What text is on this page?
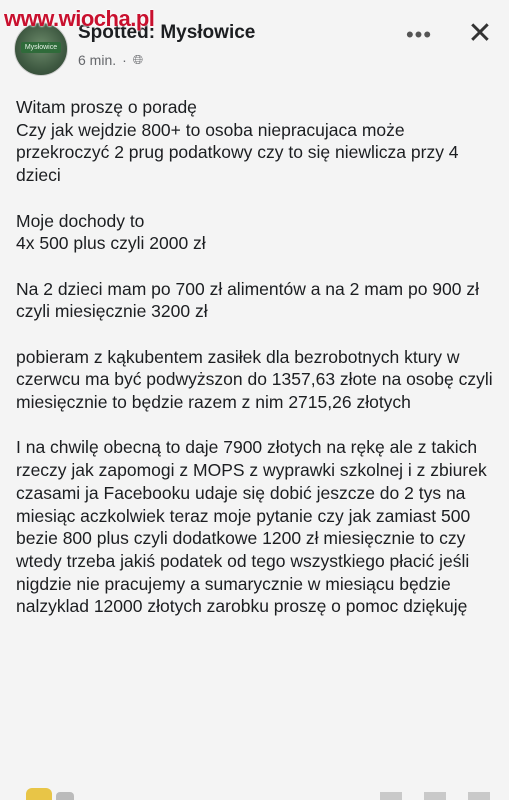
Mysłowice
Spotted: Mysłowice
6 min. · 🌐︎
••• ✕
www.wiocha.pl

Witam proszę o poradę
Czy jak wejdzie 800+ to osoba niepracujaca może przekroczyć 2 prug podatkowy czy to się niewlicza przy 4 dzieci

Moje dochody to
4x 500 plus czyli 2000 zł

Na 2 dzieci mam po 700 zł alimentów a na 2 mam po 900 zł czyli miesięcznie 3200 zł

pobieram z kąkubentem zasiłek dla bezrobotnych ktury w czerwcu ma być podwyższon do 1357,63 złote na osobę czyli miesięcznie to będzie razem z nim 2715,26 złotych

I na chwilę obecną to daje 7900 złotych na rękę ale z takich rzeczy jak zapomogi z MOPS z wyprawki szkolnej i z zbiurek czasami ja Facebooku udaje się dobić jeszcze do 2 tys na miesiąc aczkolwiek teraz moje pytanie czy jak zamiast 500 bezie 800 plus czyli dodatkowe 1200 zł miesięcznie to czy wtedy trzeba jakiś podatek od tego wszystkiego płacić jeśli nigdzie nie pracujemy a sumarycznie w miesiącu będzie nalzyklad 12000 złotych zarobku proszę o pomoc dziękuję
